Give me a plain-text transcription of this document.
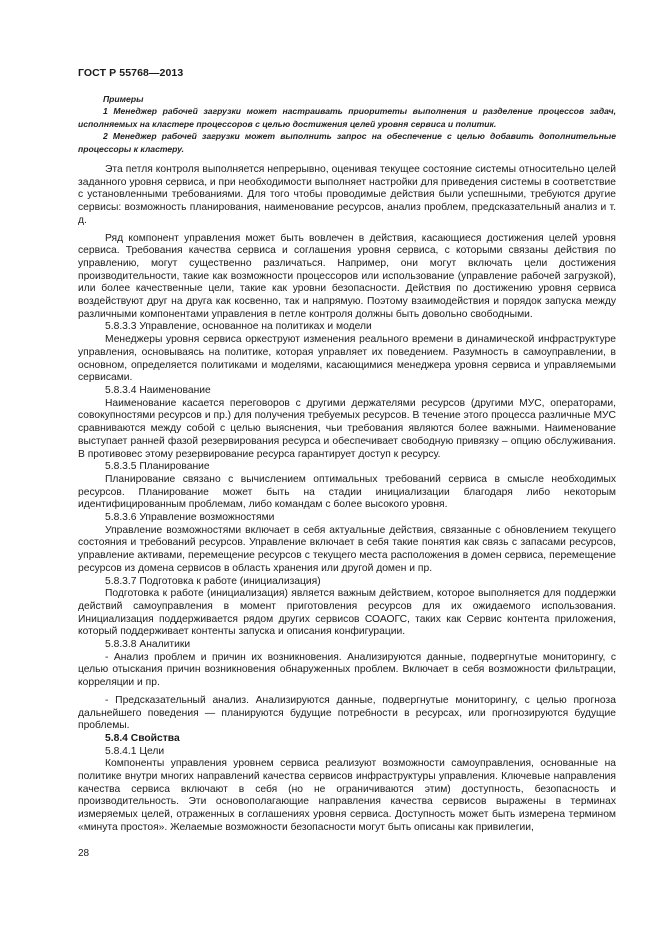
ГОСТ Р 55768—2013

Примеры

1 Менеджер рабочей загрузки может настраивать приоритеты выполнения и разделение процессов задач, исполняемых на кластере процессоров с целью достижения целей уровня сервиса и политик.

2 Менеджер рабочей загрузки может выполнить запрос на обеспечение с целью добавить дополнительные процессоры к кластеру.

Эта петля контроля выполняется непрерывно, оценивая текущее состояние системы относительно целей заданного уровня сервиса, и при необходимости выполняет настройки для приведения системы в соответствие с установленными требованиями. Для того чтобы проводимые действия были успешными, требуются другие сервисы: возможность планирования, наименование ресурсов, анализ проблем, предсказательный анализ и т. д.

Ряд компонент управления может быть вовлечен в действия, касающиеся достижения целей уровня сервиса. Требования качества сервиса и соглашения уровня сервиса, с которыми связаны действия по управлению, могут существенно различаться. Например, они могут включать цели достижения производительности, такие как возможности процессоров или использование (управление рабочей загрузкой), или более качественные цели, такие как уровни безопасности. Действия по достижению уровня сервиса воздействуют друг на друга как косвенно, так и напрямую. Поэтому взаимодействия и порядок запуска между различными компонентами управления в петле контроля должны быть довольно свободными.

5.8.3.3 Управление, основанное на политиках и модели

Менеджеры уровня сервиса оркеструют изменения реального времени в динамической инфраструктуре управления, основываясь на политике, которая управляет их поведением. Разумность в самоуправлении, в основном, определяется политиками и моделями, касающимися менеджера уровня сервиса и управляемыми сервисами.

5.8.3.4 Наименование

Наименование касается переговоров с другими держателями ресурсов (другими МУС, операторами, совокупностями ресурсов и пр.) для получения требуемых ресурсов. В течение этого процесса различные МУС сравниваются между собой с целью выяснения, чьи требования являются более важными. Наименование выступает ранней фазой резервирования ресурса и обеспечивает свободную привязку – опцию обслуживания. В противовес этому резервирование ресурса гарантирует доступ к ресурсу.

5.8.3.5 Планирование

Планирование связано с вычислением оптимальных требований сервиса в смысле необходимых ресурсов. Планирование может быть на стадии инициализации благодаря либо некоторым идентифицированным проблемам, либо командам с более высокого уровня.

5.8.3.6 Управление возможностями

Управление возможностями включает в себя актуальные действия, связанные с обновлением текущего состояния и требований ресурсов. Управление включает в себя такие понятия как связь с запасами ресурсов, управление активами, перемещение ресурсов с текущего места расположения в домен сервиса, перемещение ресурсов из домена сервисов в область хранения или другой домен и пр.

5.8.3.7 Подготовка к работе (инициализация)

Подготовка к работе (инициализация) является важным действием, которое выполняется для поддержки действий самоуправления в момент приготовления ресурсов для их ожидаемого использования. Инициализация поддерживается рядом других сервисов СОАОГС, таких как Сервис контента приложения, который поддерживает контенты запуска и описания конфигурации.

5.8.3.8 Аналитики

- Анализ проблем и причин их возникновения. Анализируются данные, подвергнутые мониторингу, с целью отыскания причин возникновения обнаруженных проблем. Включает в себя возможности фильтрации, корреляции и пр.

- Предсказательный анализ. Анализируются данные, подвергнутые мониторингу, с целью прогноза дальнейшего поведения — планируются будущие потребности в ресурсах, или прогнозируются будущие проблемы.

5.8.4 Свойства

5.8.4.1 Цели

Компоненты управления уровнем сервиса реализуют возможности самоуправления, основанные на политике внутри многих направлений качества сервисов инфраструктуры управления. Ключевые направления качества сервиса включают в себя (но не ограничиваются этим) доступность, безопасность и производительность. Эти основополагающие направления качества сервисов выражены в терминах измеряемых целей, отраженных в соглашениях уровня сервиса. Доступность может быть измерена термином «минута простоя». Желаемые возможности безопасности могут быть описаны как привилегии,

28
